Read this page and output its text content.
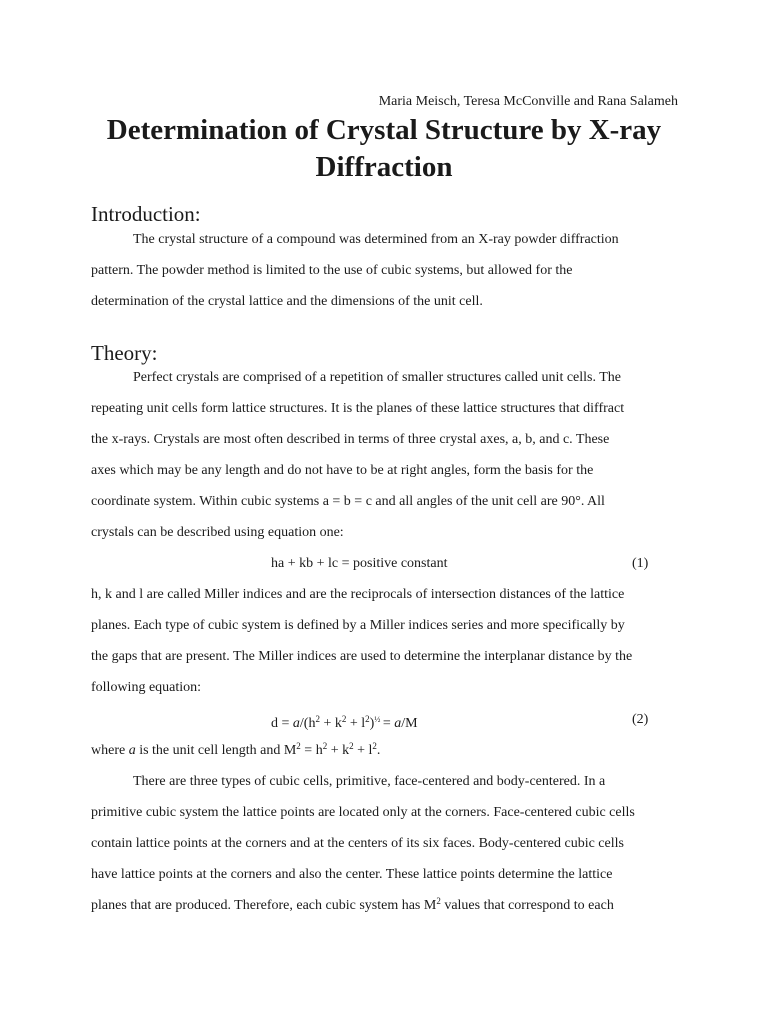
Maria Meisch, Teresa McConville and Rana Salameh
Determination of Crystal Structure by X-ray Diffraction
Introduction:
The crystal structure of a compound was determined from an X-ray powder diffraction
pattern. The powder method is limited to the use of cubic systems, but allowed for the
determination of the crystal lattice and the dimensions of the unit cell.
Theory:
Perfect crystals are comprised of a repetition of smaller structures called unit cells. The
repeating unit cells form lattice structures. It is the planes of these lattice structures that diffract
the x-rays. Crystals are most often described in terms of three crystal axes, a, b, and c. These
axes which may be any length and do not have to be at right angles, form the basis for the
coordinate system. Within cubic systems a = b = c and all angles of the unit cell are 90°. All
crystals can be described using equation one:
ha + kb + lc = positive constant	(1)
h, k and l are called Miller indices and are the reciprocals of intersection distances of the lattice
planes. Each type of cubic system is defined by a Miller indices series and more specifically by
the gaps that are present. The Miller indices are used to determine the interplanar distance by the
following equation:
$d = a/(h^2 + k^2 + l^2)^{\frac{1}{2}} = a/M$	(2)
where a is the unit cell length and $M^2 = h^2 + k^2 + l^2$.
There are three types of cubic cells, primitive, face-centered and body-centered. In a
primitive cubic system the lattice points are located only at the corners. Face-centered cubic cells
contain lattice points at the corners and at the centers of its six faces. Body-centered cubic cells
have lattice points at the corners and also the center. These lattice points determine the lattice
planes that are produced. Therefore, each cubic system has $M^2$ values that correspond to each
